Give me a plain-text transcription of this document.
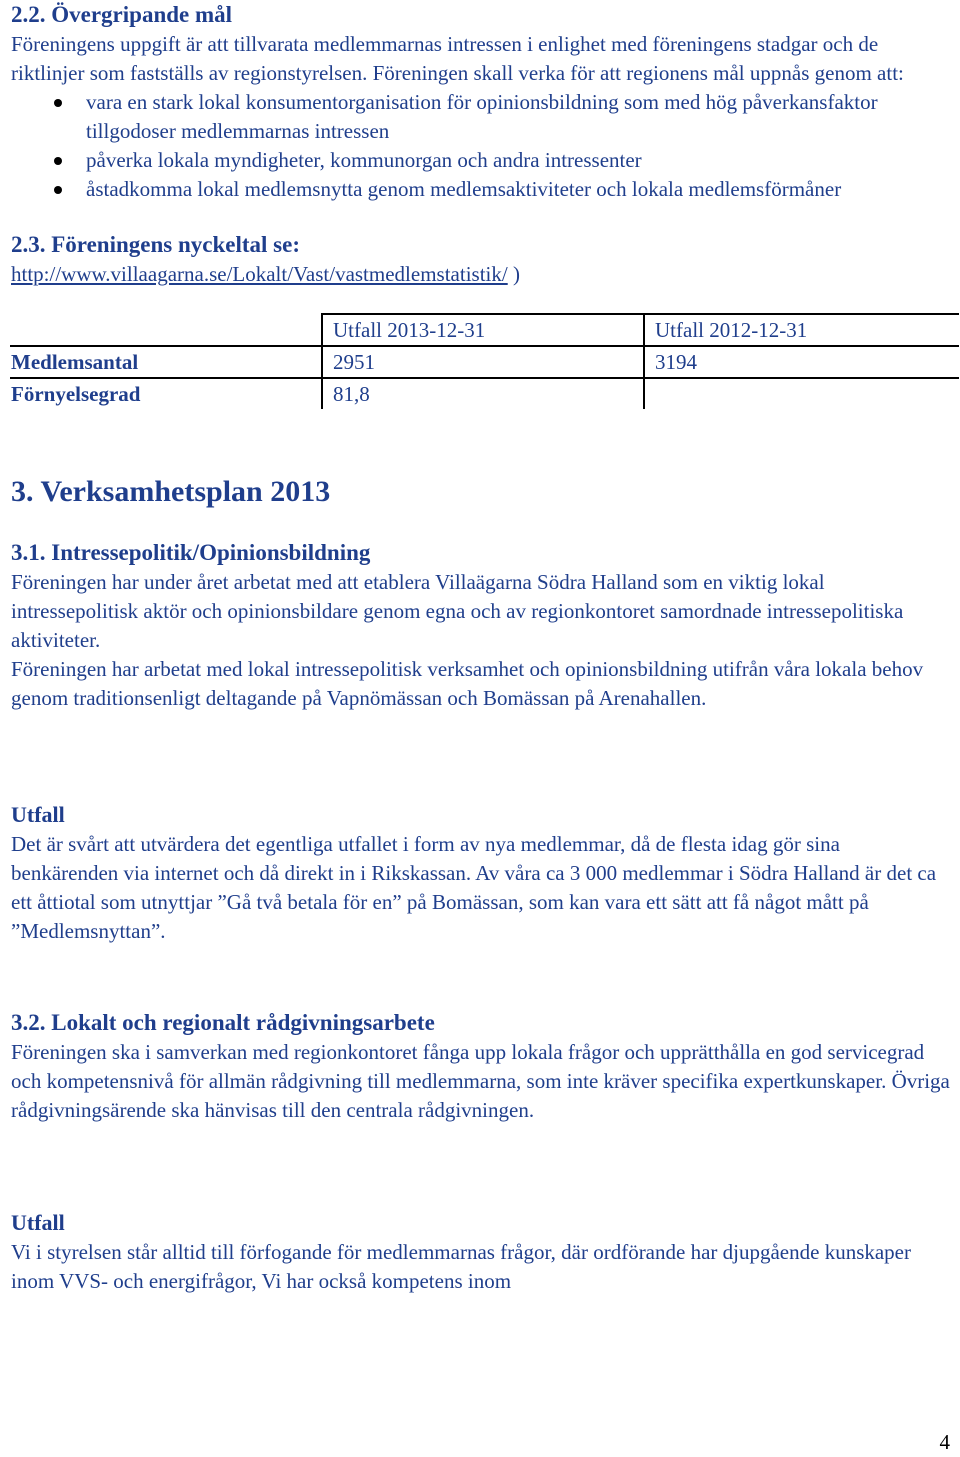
2.2. Övergripande mål

Föreningens uppgift är att tillvarata medlemmarnas intressen i enlighet med föreningens stadgar och de riktlinjer som fastställs av regionstyrelsen. Föreningen skall verka för att regionens mål uppnås genom att:

vara en stark lokal konsumentorganisation för opinionsbildning som med hög påverkansfaktor tillgodoser medlemmarnas intressen
påverka lokala myndigheter, kommunorgan och andra intressenter
åstadkomma lokal medlemsnytta genom medlemsaktiviteter och lokala medlemsförmåner
2.3. Föreningens nyckeltal se:

http://www.villaagarna.se/Lokalt/Vast/vastmedlemstatistik/ )

	Utfall 2013-12-31	Utfall 2012-12-31
Medlemsantal	2951	3194
Förnyelsegrad	81,8	
3. Verksamhetsplan 2013
3.1. Intressepolitik/Opinionsbildning

Föreningen har under året arbetat med att etablera Villaägarna Södra Halland som en viktig lokal intressepolitisk aktör och opinionsbildare genom egna och av regionkontoret samordnade intressepolitiska aktiviteter.

Föreningen har arbetat med lokal intressepolitisk verksamhet och opinionsbildning utifrån våra lokala behov genom traditionsenligt deltagande på Vapnömässan och Bomässan på Arenahallen.

Utfall

Det är svårt att utvärdera det egentliga utfallet i form av nya medlemmar, då de flesta idag gör sina benkärenden via internet och då direkt in i Rikskassan. Av våra ca 3 000 medlemmar i Södra Halland är det ca ett åttiotal som utnyttjar ”Gå två betala för en” på Bomässan, som kan vara ett sätt att få något mått på ”Medlemsnyttan”.

3.2. Lokalt och regionalt rådgivningsarbete

Föreningen ska i samverkan med regionkontoret fånga upp lokala frågor och upprätthålla en god servicegrad och kompetensnivå för allmän rådgivning till medlemmarna, som inte kräver specifika expertkunskaper. Övriga rådgivningsärende ska hänvisas till den centrala rådgivningen.

Utfall

Vi i styrelsen står alltid till förfogande för medlemmarnas frågor, där ordförande har djupgående kunskaper inom VVS- och energifrågor, Vi har också kompetens inom

4
